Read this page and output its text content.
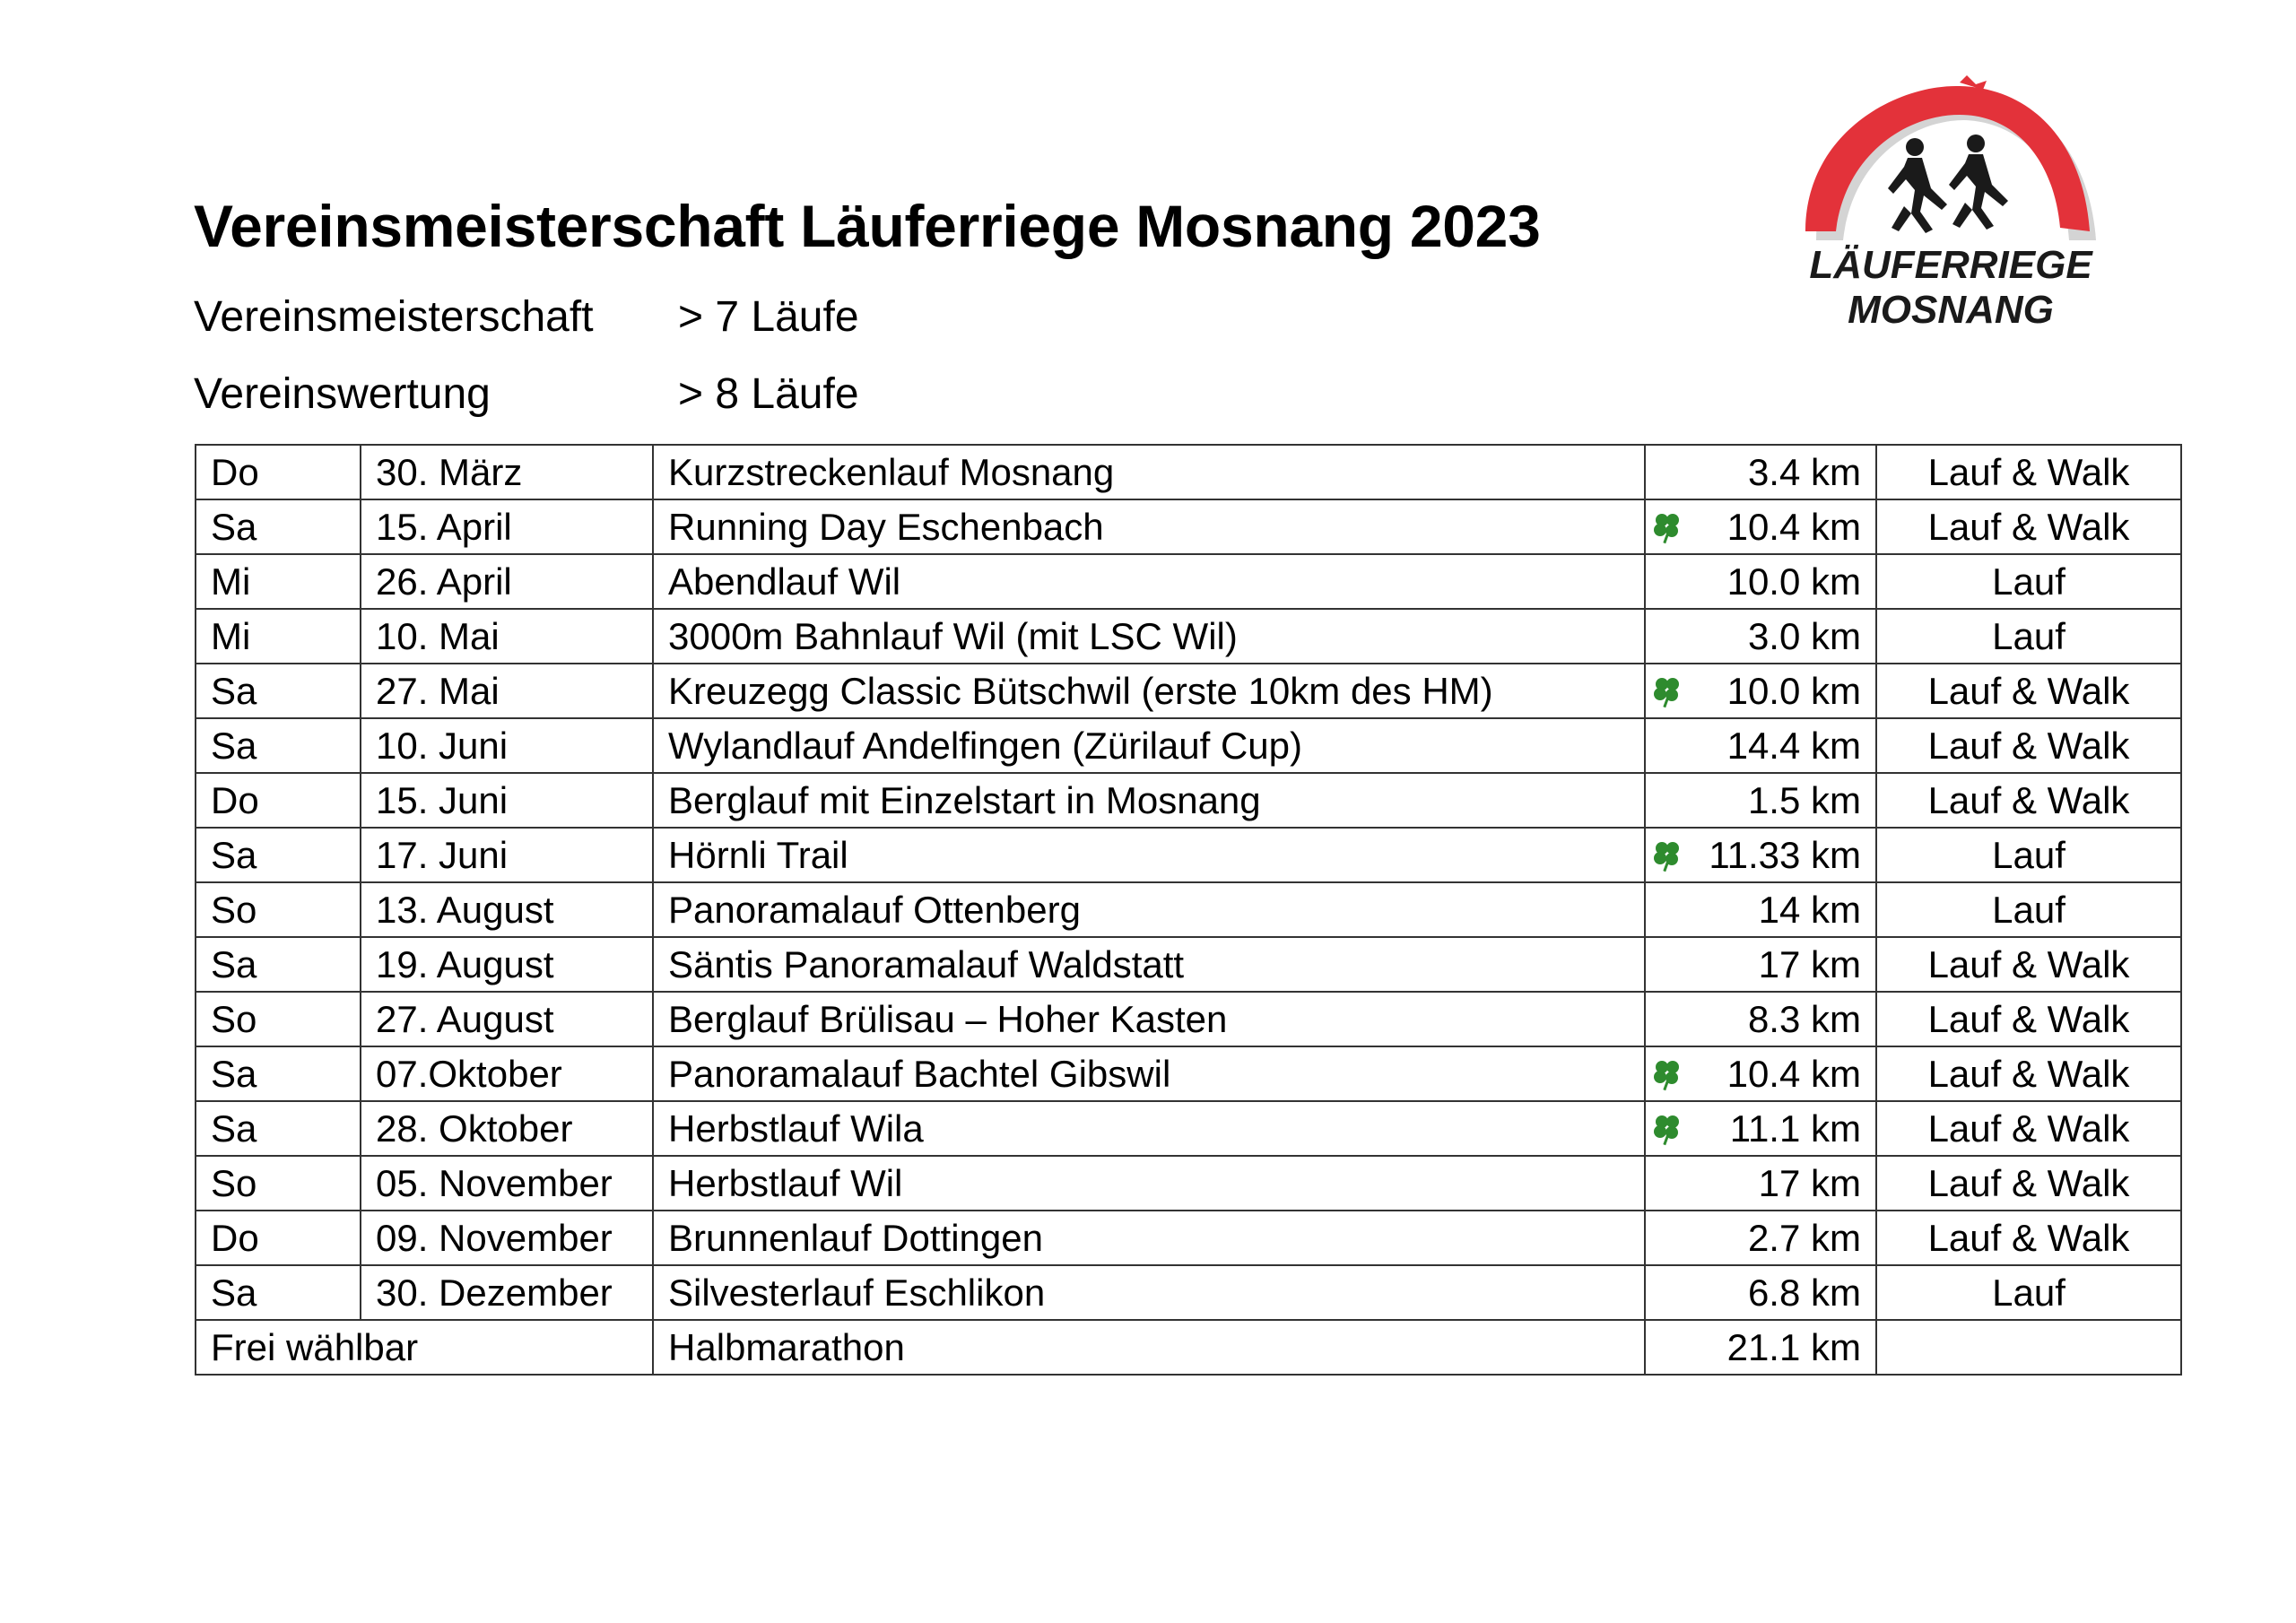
Vereinsmeisterschaft Läuferriege Mosnang 2023
Vereinsmeisterschaft > 7 Läufe
Vereinswertung	> 8 Läufe
LÄUFERRIEGE
MOSNANG
Do	30. März	Kurzstreckenlauf Mosnang	3.4 km	Lauf & Walk
Sa	15. April	Running Day Eschenbach	10.4 km	Lauf & Walk
Mi	26. April	Abendlauf Wil	10.0 km	Lauf
Mi	10. Mai	3000m Bahnlauf Wil (mit LSC Wil)	3.0 km	Lauf
Sa	27. Mai	Kreuzegg Classic Bütschwil (erste 10km des HM)	10.0 km	Lauf & Walk
Sa	10. Juni	Wylandlauf Andelfingen (Zürilauf Cup)	14.4 km	Lauf & Walk
Do	15. Juni	Berglauf mit Einzelstart in Mosnang	1.5 km	Lauf & Walk
Sa	17. Juni	Hörnli Trail	11.33 km	Lauf
So	13. August	Panoramalauf Ottenberg	14 km	Lauf
Sa	19. August	Säntis Panoramalauf Waldstatt	17 km	Lauf & Walk
So	27. August	Berglauf Brülisau – Hoher Kasten	8.3 km	Lauf & Walk
Sa	07.Oktober	Panoramalauf Bachtel Gibswil	10.4 km	Lauf & Walk
Sa	28. Oktober	Herbstlauf Wila	11.1 km	Lauf & Walk
So	05. November	Herbstlauf Wil	17 km	Lauf & Walk
Do	09. November	Brunnenlauf Dottingen	2.7 km	Lauf & Walk
Sa	30. Dezember	Silvesterlauf Eschlikon	6.8 km	Lauf
Frei wählbar		Halbmarathon	21.1 km	
